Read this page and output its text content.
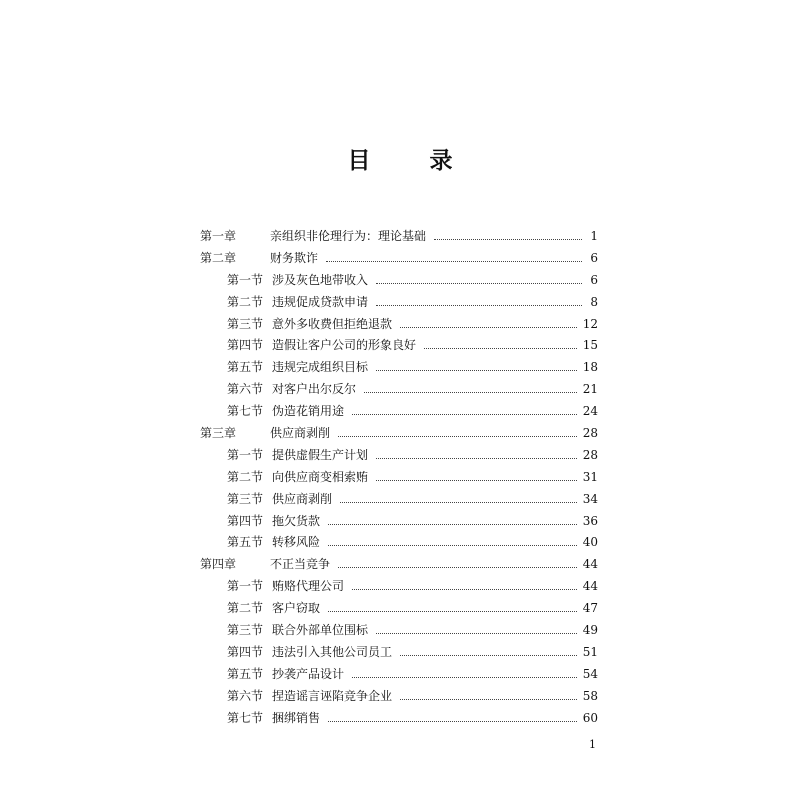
目　录
第一章	亲组织非伦理行为：理论基础	1
第二章	财务欺诈	6
第一节 涉及灰色地带收入	6
第二节 违规促成贷款申请	8
第三节 意外多收费但拒绝退款	12
第四节 造假让客户公司的形象良好	15
第五节 违规完成组织目标	18
第六节 对客户出尔反尔	21
第七节 伪造花销用途	24
第三章	供应商剥削	28
第一节 提供虚假生产计划	28
第二节 向供应商变相索贿	31
第三节 供应商剥削	34
第四节 拖欠货款	36
第五节 转移风险	40
第四章	不正当竞争	44
第一节 贿赂代理公司	44
第二节 客户窃取	47
第三节 联合外部单位围标	49
第四节 违法引入其他公司员工	51
第五节 抄袭产品设计	54
第六节 捏造谣言诬陷竞争企业	58
第七节 捆绑销售	60
1
